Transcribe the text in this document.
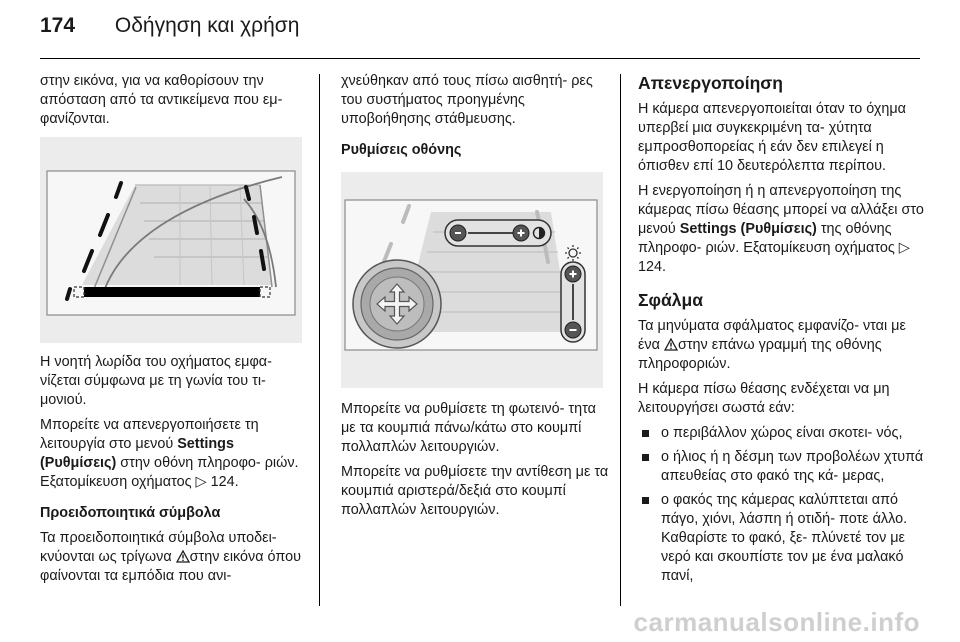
174 Οδήγηση και χρήση

στην εικόνα, για να καθορίσουν την απόσταση από τα αντικείμενα που εμ- φανίζονται.

Η νοητή λωρίδα του οχήματος εμφα- νίζεται σύμφωνα με τη γωνία του τι- μονιού.

Μπορείτε να απενεργοποιήσετε τη λειτουργία στο μενού Settings (Ρυθμίσεις) στην οθόνη πληροφο- ριών. Εξατομίκευση οχήματος ▷ 124.

Προειδοποιητικά σύμβολα

Τα προειδοποιητικά σύμβολα υποδει- κνύονται ως τρίγωνα στην εικόνα όπου φαίνονται τα εμπόδια που ανι-

χνεύθηκαν από τους πίσω αισθητή- ρες του συστήματος προηγμένης υποβοήθησης στάθμευσης.

Ρυθμίσεις οθόνης

Μπορείτε να ρυθμίσετε τη φωτεινό- τητα με τα κουμπιά πάνω/κάτω στο κουμπί πολλαπλών λειτουργιών.

Μπορείτε να ρυθμίσετε την αντίθεση με τα κουμπιά αριστερά/δεξιά στο κουμπί πολλαπλών λειτουργιών.

Απενεργοποίηση

Η κάμερα απενεργοποιείται όταν το όχημα υπερβεί μια συγκεκριμένη τα- χύτητα εμπροσθοπορείας ή εάν δεν επιλεγεί η όπισθεν επί 10 δευτερόλεπτα περίπου.

Η ενεργοποίηση ή η απενεργοποίηση της κάμερας πίσω θέασης μπορεί να αλλάξει στο μενού Settings (Ρυθμίσεις) της οθόνης πληροφο- ριών. Εξατομίκευση οχήματος ▷ 124.

Σφάλμα

Τα μηνύματα σφάλματος εμφανίζο- νται με ένα στην επάνω γραμμή της οθόνης πληροφοριών.

Η κάμερα πίσω θέασης ενδέχεται να μη λειτουργήσει σωστά εάν:

ο περιβάλλον χώρος είναι σκοτει- νός,
ο ήλιος ή η δέσμη των προβολέων χτυπά απευθείας στο φακό της κά- μερας,
ο φακός της κάμερας καλύπτεται από πάγο, χιόνι, λάσπη ή οτιδή- ποτε άλλο. Καθαρίστε το φακό, ξε- πλύνετέ τον με νερό και σκουπίστε τον με ένα μαλακό πανί,
carmanualsonline.info
